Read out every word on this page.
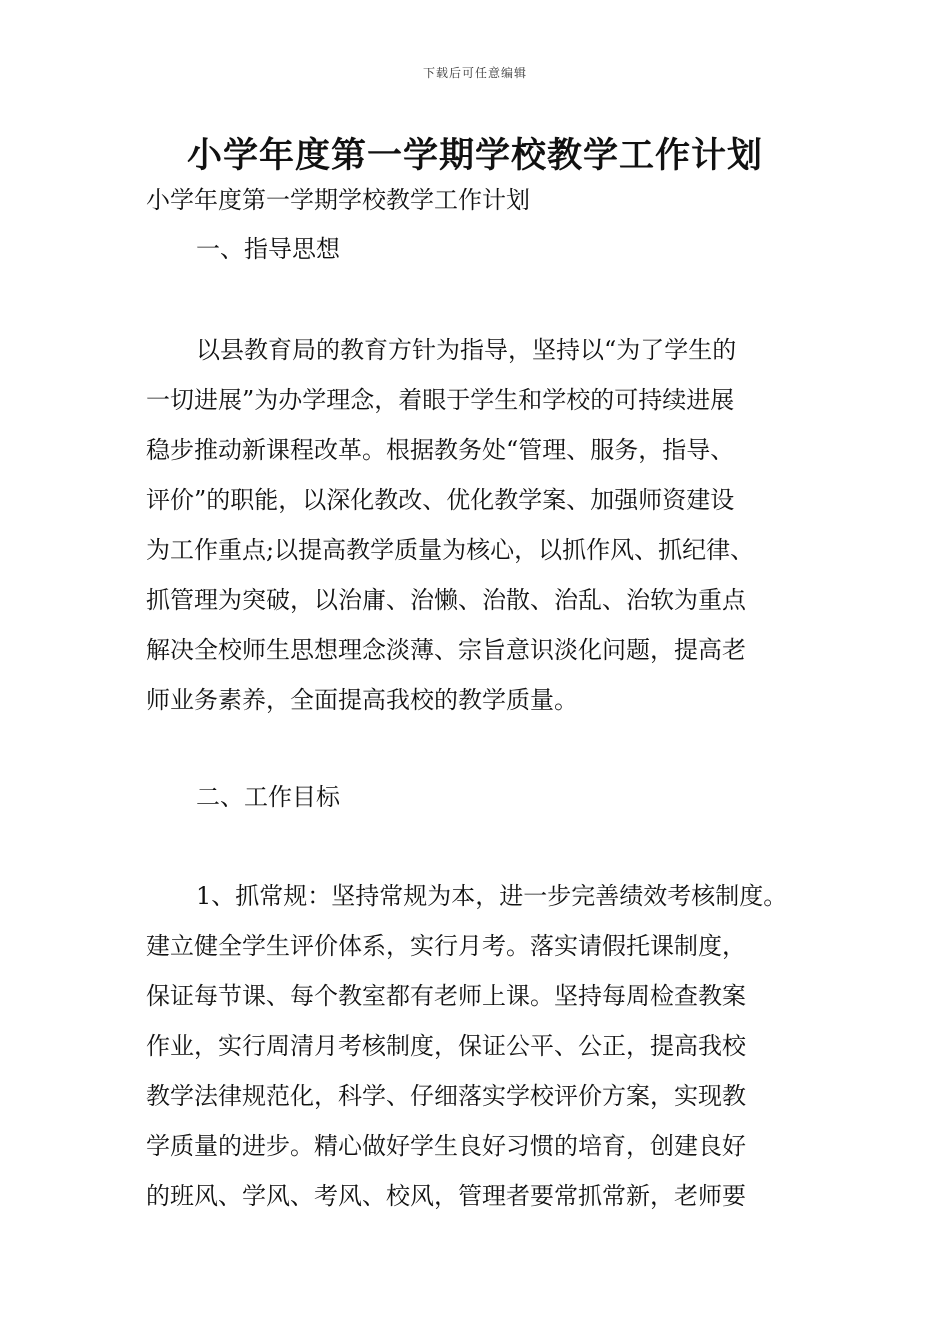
下载后可任意编辑
小学年度第一学期学校教学工作计划
小学年度第一学期学校教学工作计划
一、指导思想
以县教育局的教育方针为指导，坚持以“为了学生的
一切进展”为办学理念，着眼于学生和学校的可持续进展
稳步推动新课程改革。根据教务处“管理、服务，指导、
评价”的职能，以深化教改、优化教学案、加强师资建设
为工作重点;以提高教学质量为核心，以抓作风、抓纪律、
抓管理为突破，以治庸、治懒、治散、治乱、治软为重点
解决全校师生思想理念淡薄、宗旨意识淡化问题，提高老
师业务素养，全面提高我校的教学质量。
二、工作目标
1、抓常规：坚持常规为本，进一步完善绩效考核制度。
建立健全学生评价体系，实行月考。落实请假托课制度，
保证每节课、每个教室都有老师上课。坚持每周检查教案
作业，实行周清月考核制度，保证公平、公正，提高我校
教学法律规范化，科学、仔细落实学校评价方案，实现教
学质量的进步。精心做好学生良好习惯的培育，创建良好
的班风、学风、考风、校风，管理者要常抓常新，老师要
